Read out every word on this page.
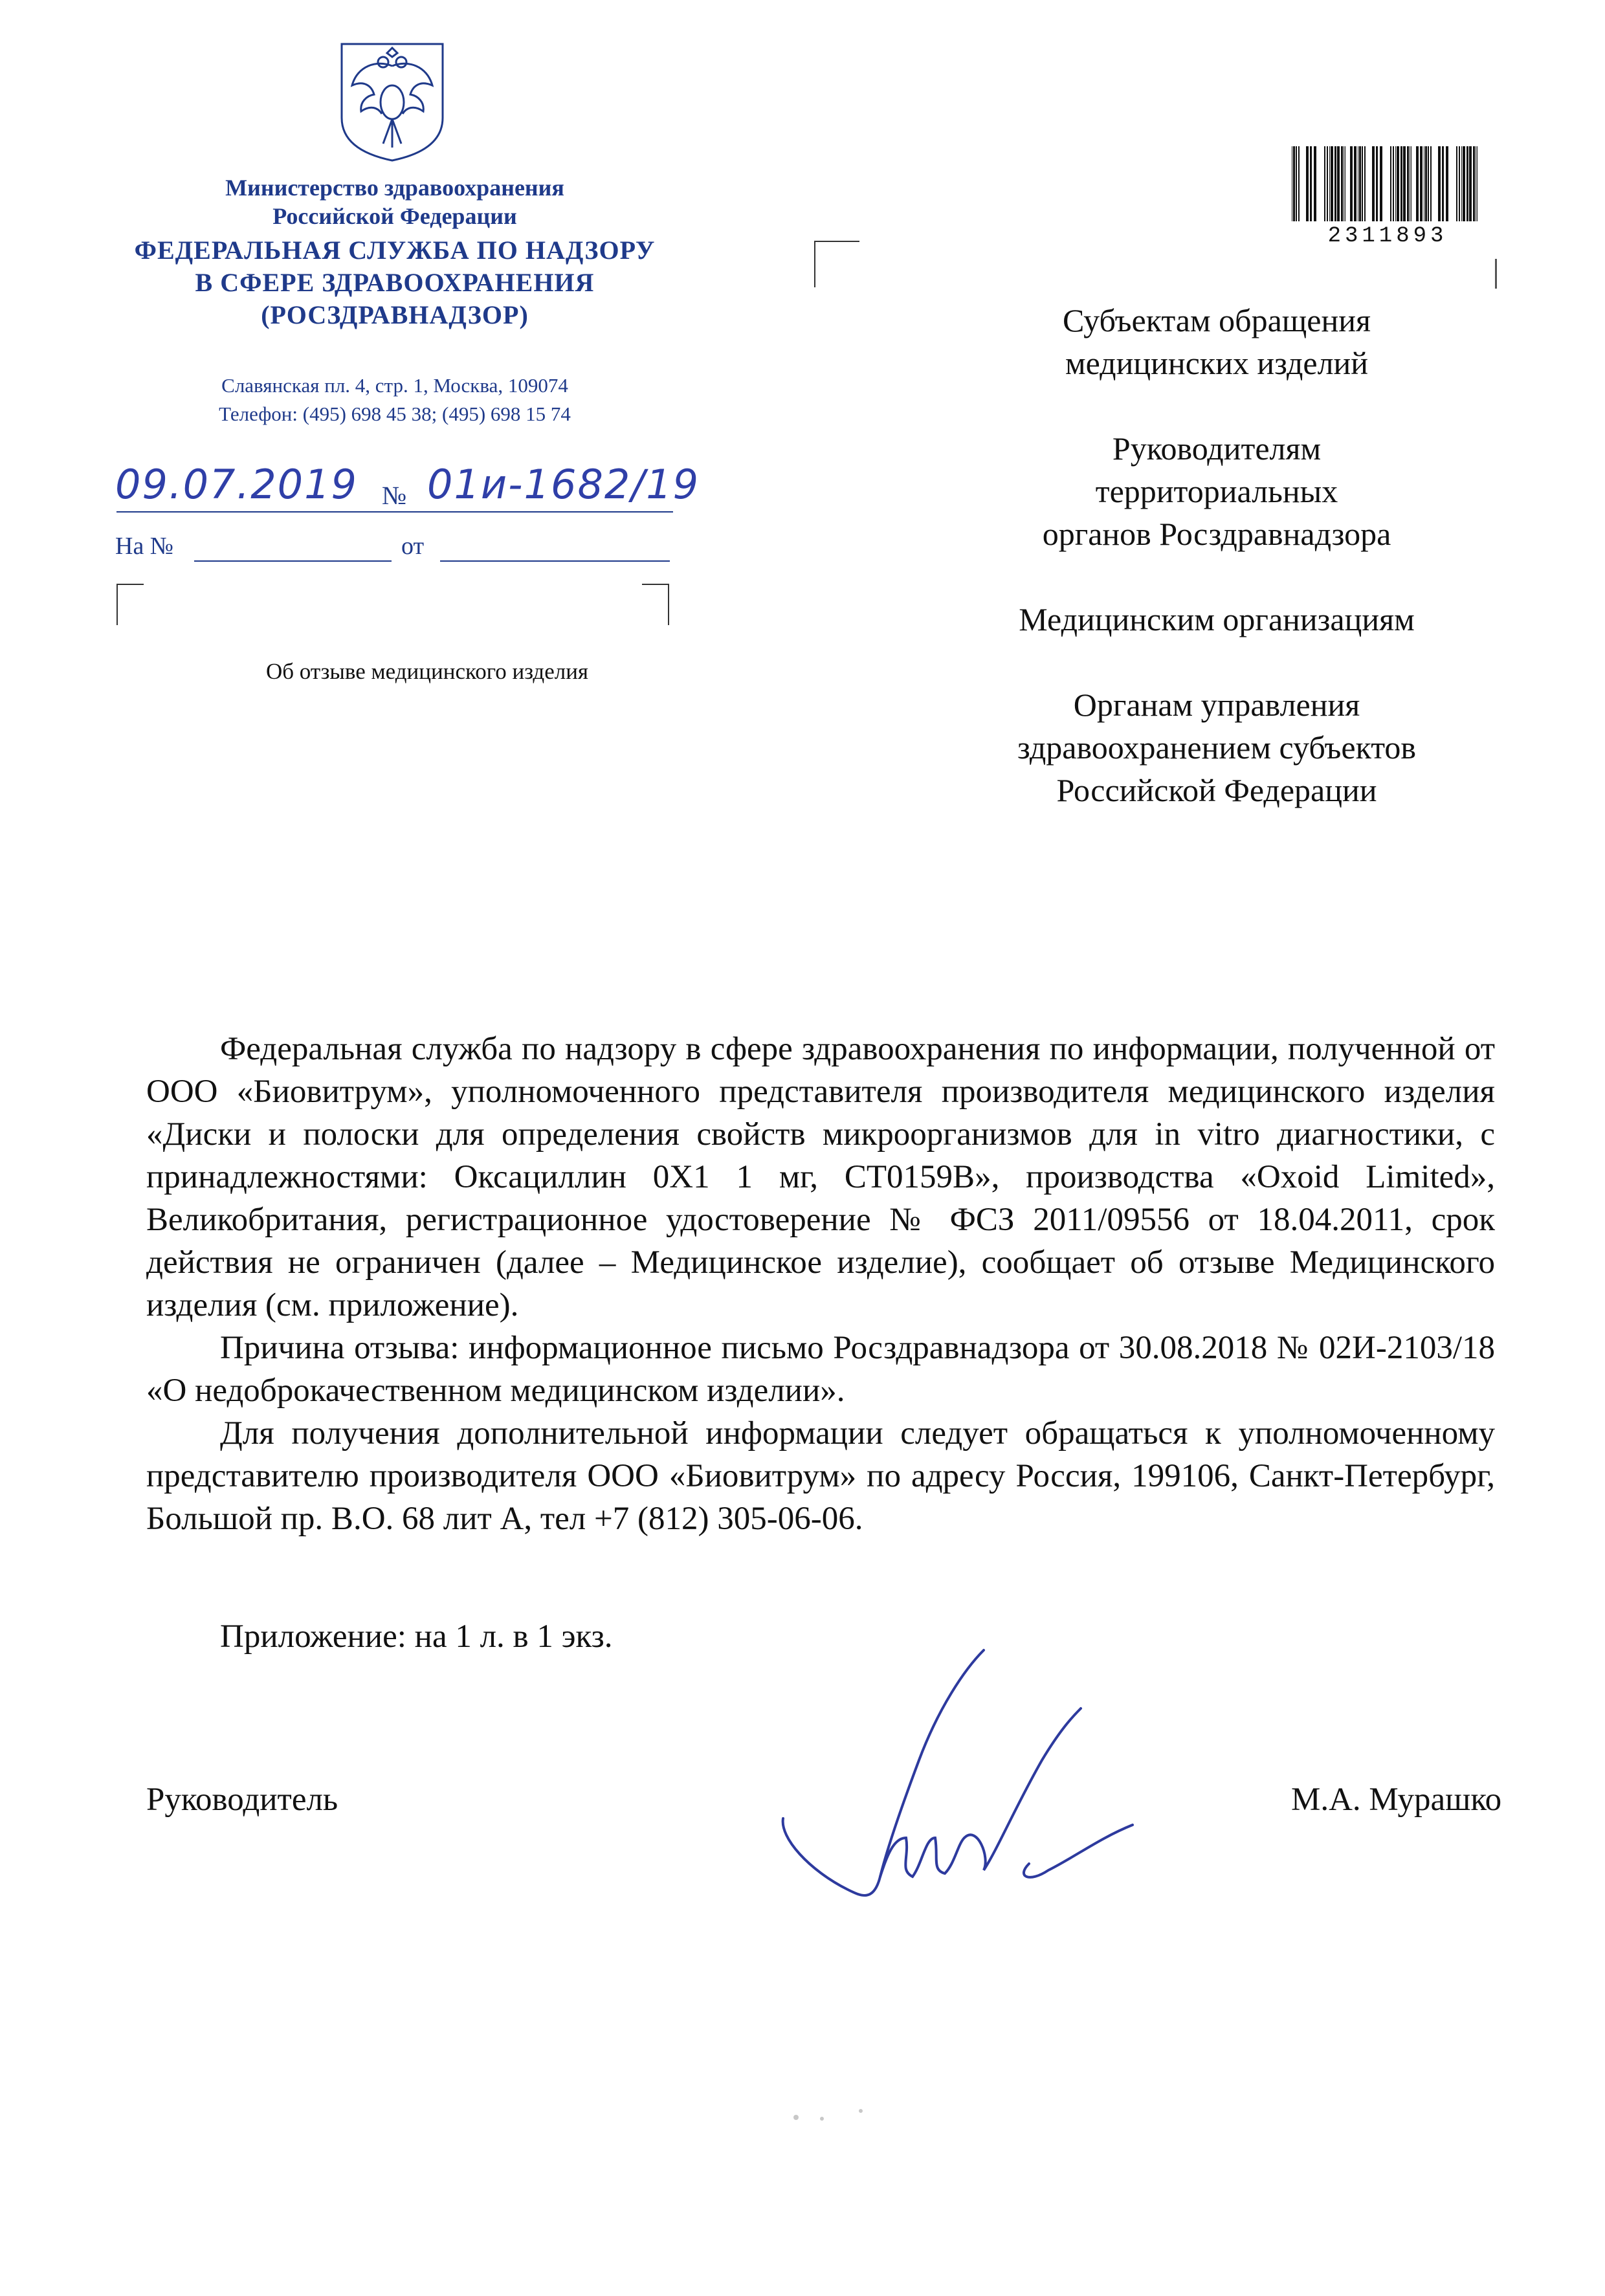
Министерство здравоохранения
Российской Федерации
ФЕДЕРАЛЬНАЯ СЛУЖБА ПО НАДЗОРУ
В СФЕРЕ ЗДРАВООХРАНЕНИЯ
(РОСЗДРАВНАДЗОР)
Славянская пл. 4, стр. 1, Москва, 109074
Телефон: (495) 698 45 38; (495) 698 15 74
09.07.2019 № 01и-1682/19
На №	от
Об отзыве медицинского изделия
2311893
Субъектам обращения
медицинских изделий
Руководителям
территориальных
органов Росздравнадзора
Медицинским организациям
Органам управления
здравоохранением субъектов
Российской Федерации

Федеральная служба по надзору в сфере здравоохранения по информации, полученной от ООО «Биовитрум», уполномоченного представителя производителя медицинского изделия «Диски и полоски для определения свойств микроорганизмов для in vitro диагностики, с принадлежностями: Оксациллин 0X1 1 мг, CT0159B», производства «Oxoid Limited», Великобритания, регистрационное удостоверение № ФСЗ 2011/09556 от 18.04.2011, срок действия не ограничен (далее – Медицинское изделие), сообщает об отзыве Медицинского изделия (см. приложение).

Причина отзыва: информационное письмо Росздравнадзора от 30.08.2018 № 02И-2103/18 «О недоброкачественном медицинском изделии».

Для получения дополнительной информации следует обращаться к уполномоченному представителю производителя ООО «Биовитрум» по адресу Россия, 199106, Санкт-Петербург, Большой пр. В.О. 68 лит А, тел +7 (812) 305-06-06.

Приложение: на 1 л. в 1 экз.
Руководитель	М.А. Мурашко
